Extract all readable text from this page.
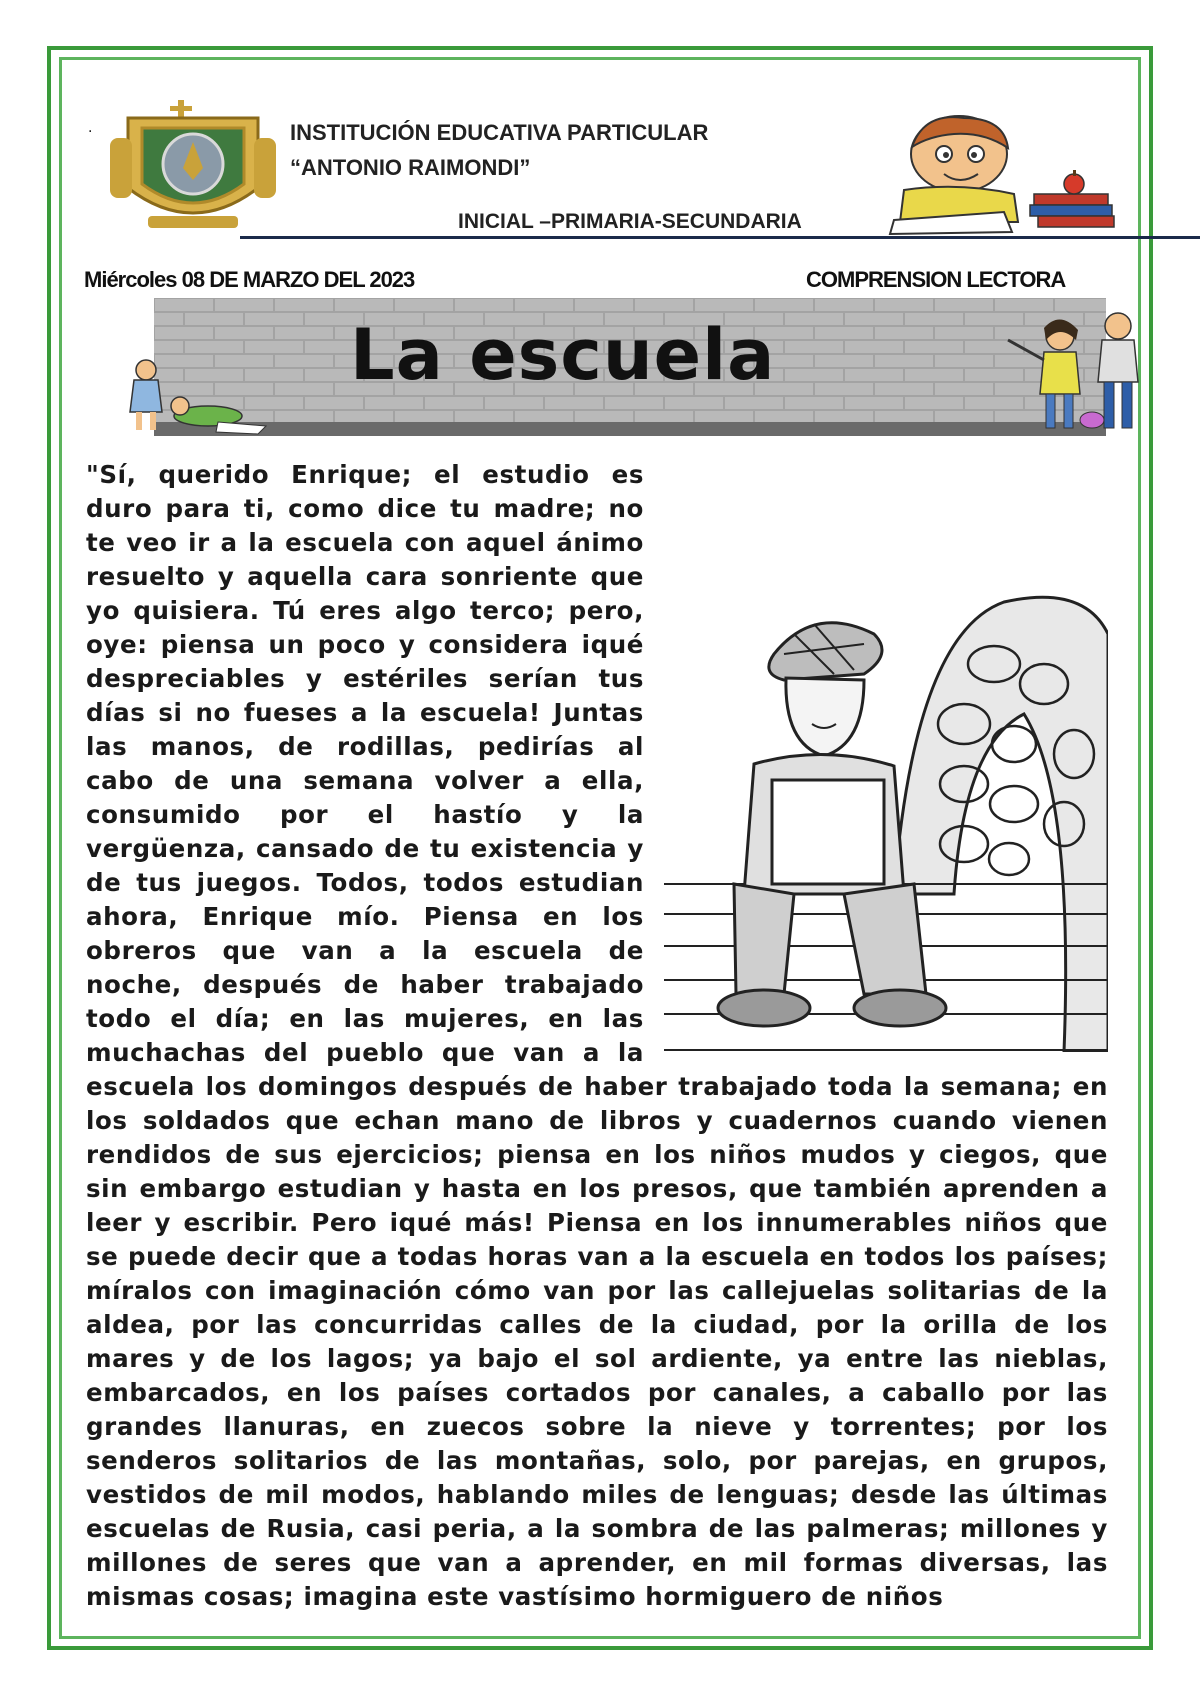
.	INSTITUCIÓN EDUCATIVA PARTICULAR
“ANTONIO RAIMONDI”
INICIAL –PRIMARIA-SECUNDARIA
Miércoles 08 DE MARZO DEL 2023	COMPRENSION LECTORA
La escuela

"Sí, querido Enrique; el estudio es duro para ti, como dice tu madre; no te veo ir a la escuela con aquel ánimo resuelto y aquella cara sonriente que yo quisiera. Tú eres algo terco; pero, oye: piensa un poco y considera iqué despreciables y estériles serían tus días si no fueses a la escuela! Juntas las manos, de rodillas, pedirías al cabo de una semana volver a ella, consumido por el hastío y la vergüenza, cansado de tu existencia y de tus juegos. Todos, todos estudian ahora, Enrique mío. Piensa en los obreros que van a la escuela de noche, después de haber trabajado todo el día; en las mujeres, en las muchachas del pueblo que van a la escuela los domingos después de haber trabajado toda la semana; en los soldados que echan mano de libros y cuadernos cuando vienen rendidos de sus ejercicios; piensa en los niños mudos y ciegos, que sin embargo estudian y hasta en los presos, que también aprenden a leer y escribir. Pero iqué más! Piensa en los innumerables niños que se puede decir que a todas horas van a la escuela en todos los países; míralos con imaginación cómo van por las callejuelas solitarias de la aldea, por las concurridas calles de la ciudad, por la orilla de los mares y de los lagos; ya bajo el sol ardiente, ya entre las nieblas, embarcados, en los países cortados por canales, a caballo por las grandes llanuras, en zuecos sobre la nieve y torrentes; por los senderos solitarios de las montañas, solo, por parejas, en grupos, vestidos de mil modos, hablando miles de lenguas; desde las últimas escuelas de Rusia, casi peria, a la sombra de las palmeras; millones y millones de seres que van a aprender, en mil formas diversas, las mismas cosas; imagina este vastísimo hormiguero de niños
